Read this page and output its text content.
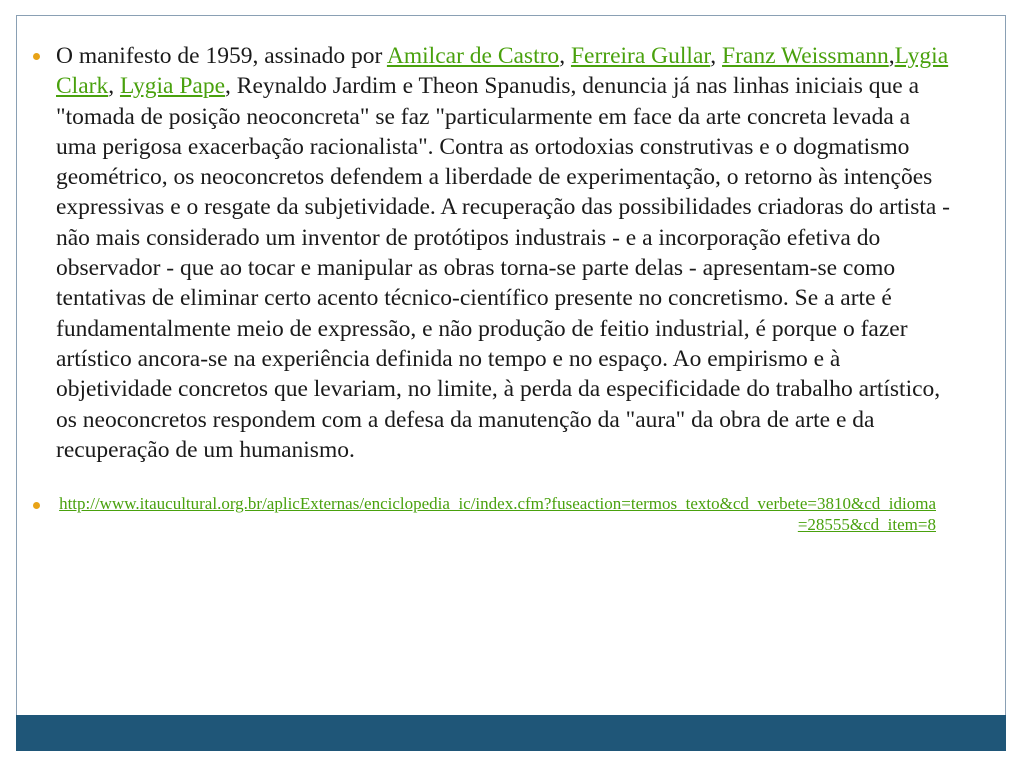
O manifesto de 1959, assinado por Amilcar de Castro, Ferreira Gullar, Franz Weissmann,Lygia Clark, Lygia Pape, Reynaldo Jardim e Theon Spanudis, denuncia já nas linhas iniciais que a "tomada de posição neoconcreta" se faz "particularmente em face da arte concreta levada a uma perigosa exacerbação racionalista". Contra as ortodoxias construtivas e o dogmatismo geométrico, os neoconcretos defendem a liberdade de experimentação, o retorno às intenções expressivas e o resgate da subjetividade. A recuperação das possibilidades criadoras do artista - não mais considerado um inventor de protótipos industrais - e a incorporação efetiva do observador - que ao tocar e manipular as obras torna-se parte delas - apresentam-se como tentativas de eliminar certo acento técnico-científico presente no concretismo. Se a arte é fundamentalmente meio de expressão, e não produção de feitio industrial, é porque o fazer artístico ancora-se na experiência definida no tempo e no espaço. Ao empirismo e à objetividade concretos que levariam, no limite, à perda da especificidade do trabalho artístico, os neoconcretos respondem com a defesa da manutenção da "aura" da obra de arte e da recuperação de um humanismo.

http://www.itaucultural.org.br/aplicExternas/enciclopedia_ic/index.cfm?fuseaction=termos_texto&cd_verbete=3810&cd_idioma=28555&cd_item=8
